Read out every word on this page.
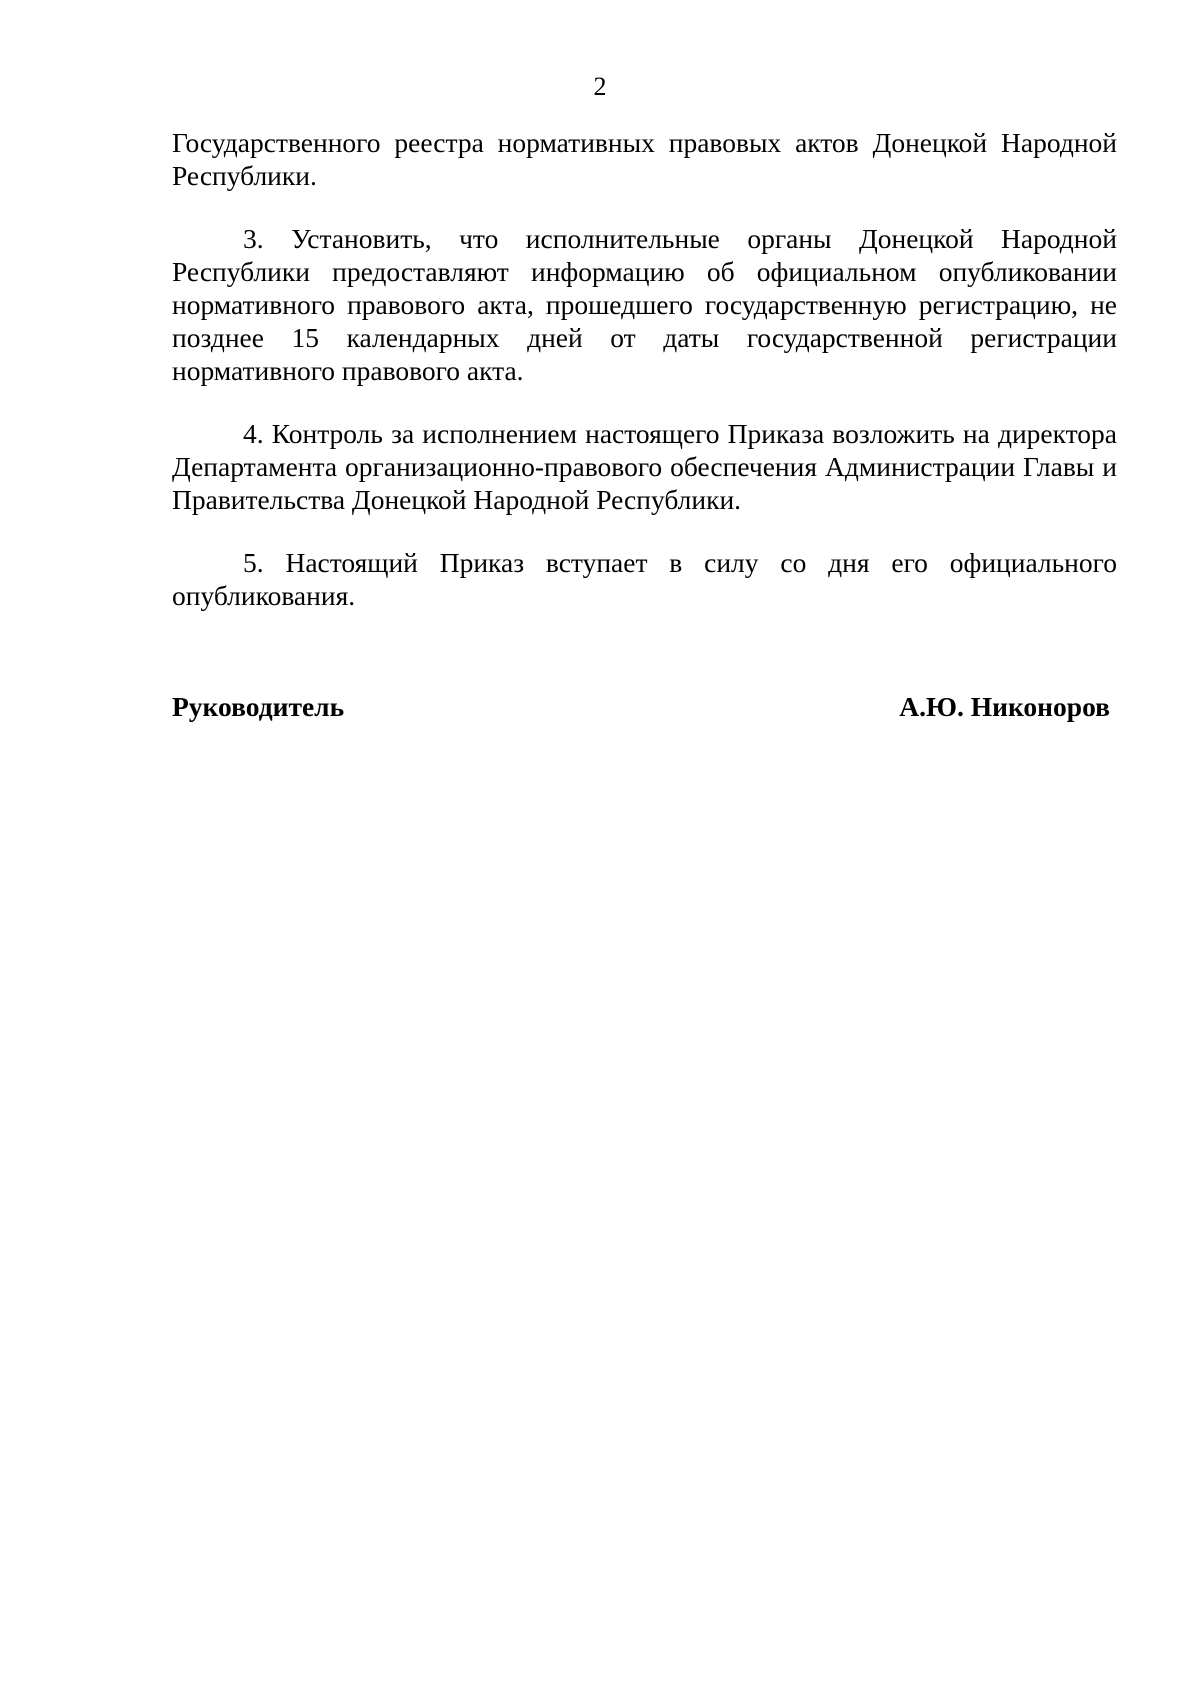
2

Государственного реестра нормативных правовых актов Донецкой Народной Республики.

3. Установить, что исполнительные органы Донецкой Народной Республики предоставляют информацию об официальном опубликовании нормативного правового акта, прошедшего государственную регистрацию, не позднее 15 календарных дней от даты государственной регистрации нормативного правового акта.

4. Контроль за исполнением настоящего Приказа возложить на директора Департамента организационно-правового обеспечения Администрации Главы и Правительства Донецкой Народной Республики.

5. Настоящий Приказ вступает в силу со дня его официального опубликования.

Руководитель	А.Ю. Никоноров
